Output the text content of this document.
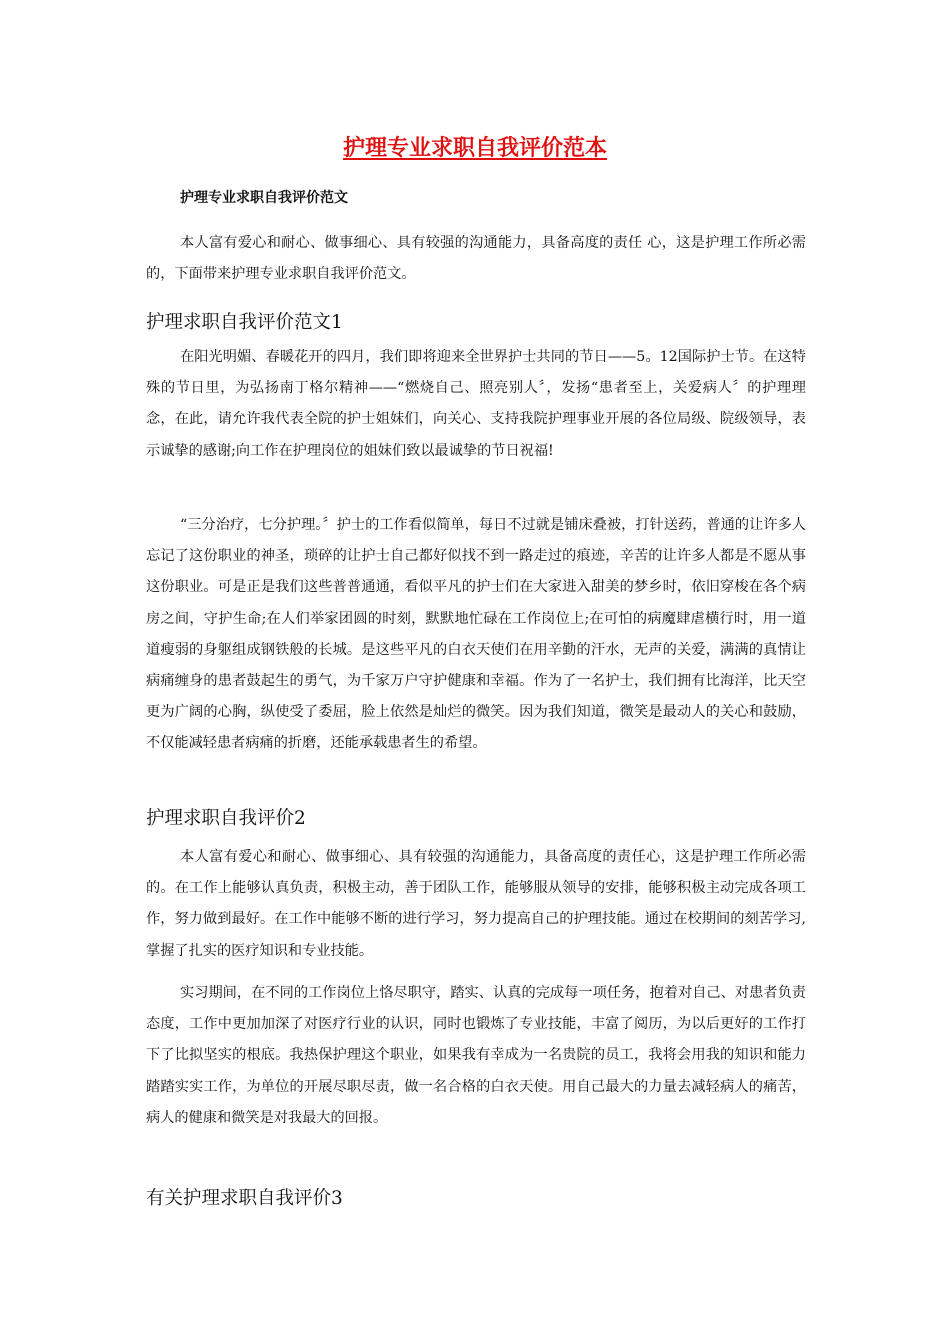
护理专业求职自我评价范本

护理专业求职自我评价范文

本人富有爱心和耐心、做事细心、具有较强的沟通能力，具备高度的责任 心，这是护理工作所必需的，下面带来护理专业求职自我评价范文。

护理求职自我评价范文1

在阳光明媚、春暖花开的四月，我们即将迎来全世界护士共同的节日——5。12国际护士节。在这特殊的节日里，为弘扬南丁格尔精神——“燃烧自己、照亮别人〞，发扬“患者至上，关爱病人〞的护理理念，在此，请允许我代表全院的护士姐妹们，向关心、支持我院护理事业开展的各位局级、院级领导，表示诚挚的感谢;向工作在护理岗位的姐妹们致以最诚挚的节日祝福!

“三分治疗，七分护理。〞护士的工作看似简单，每日不过就是铺床叠被，打针送药，普通的让许多人忘记了这份职业的神圣，琐碎的让护士自己都好似找不到一路走过的痕迹，辛苦的让许多人都是不愿从事这份职业。可是正是我们这些普普通通，看似平凡的护士们在大家进入甜美的梦乡时，依旧穿梭在各个病房之间，守护生命;在人们举家团圆的时刻，默默地忙碌在工作岗位上;在可怕的病魔肆虐横行时，用一道道瘦弱的身躯组成钢铁般的长城。是这些平凡的白衣天使们在用辛勤的汗水，无声的关爱，满满的真情让病痛缠身的患者鼓起生的勇气，为千家万户守护健康和幸福。作为了一名护士，我们拥有比海洋，比天空更为广阔的心胸，纵使受了委屈，脸上依然是灿烂的微笑。因为我们知道，微笑是最动人的关心和鼓励，不仅能减轻患者病痛的折磨，还能承载患者生的希望。

护理求职自我评价2

本人富有爱心和耐心、做事细心、具有较强的沟通能力，具备高度的责任心，这是护理工作所必需的。在工作上能够认真负责，积极主动，善于团队工作，能够服从领导的安排，能够积极主动完成各项工作，努力做到最好。在工作中能够不断的进行学习，努力提高自己的护理技能。通过在校期间的刻苦学习,掌握了扎实的医疗知识和专业技能。

实习期间，在不同的工作岗位上恪尽职守，踏实、认真的完成每一项任务，抱着对自己、对患者负责态度，工作中更加加深了对医疗行业的认识，同时也锻炼了专业技能，丰富了阅历，为以后更好的工作打下了比拟坚实的根底。我热保护理这个职业，如果我有幸成为一名贵院的员工，我将会用我的知识和能力踏踏实实工作，为单位的开展尽职尽责，做一名合格的白衣天使。用自己最大的力量去减轻病人的痛苦，病人的健康和微笑是对我最大的回报。

有关护理求职自我评价3
